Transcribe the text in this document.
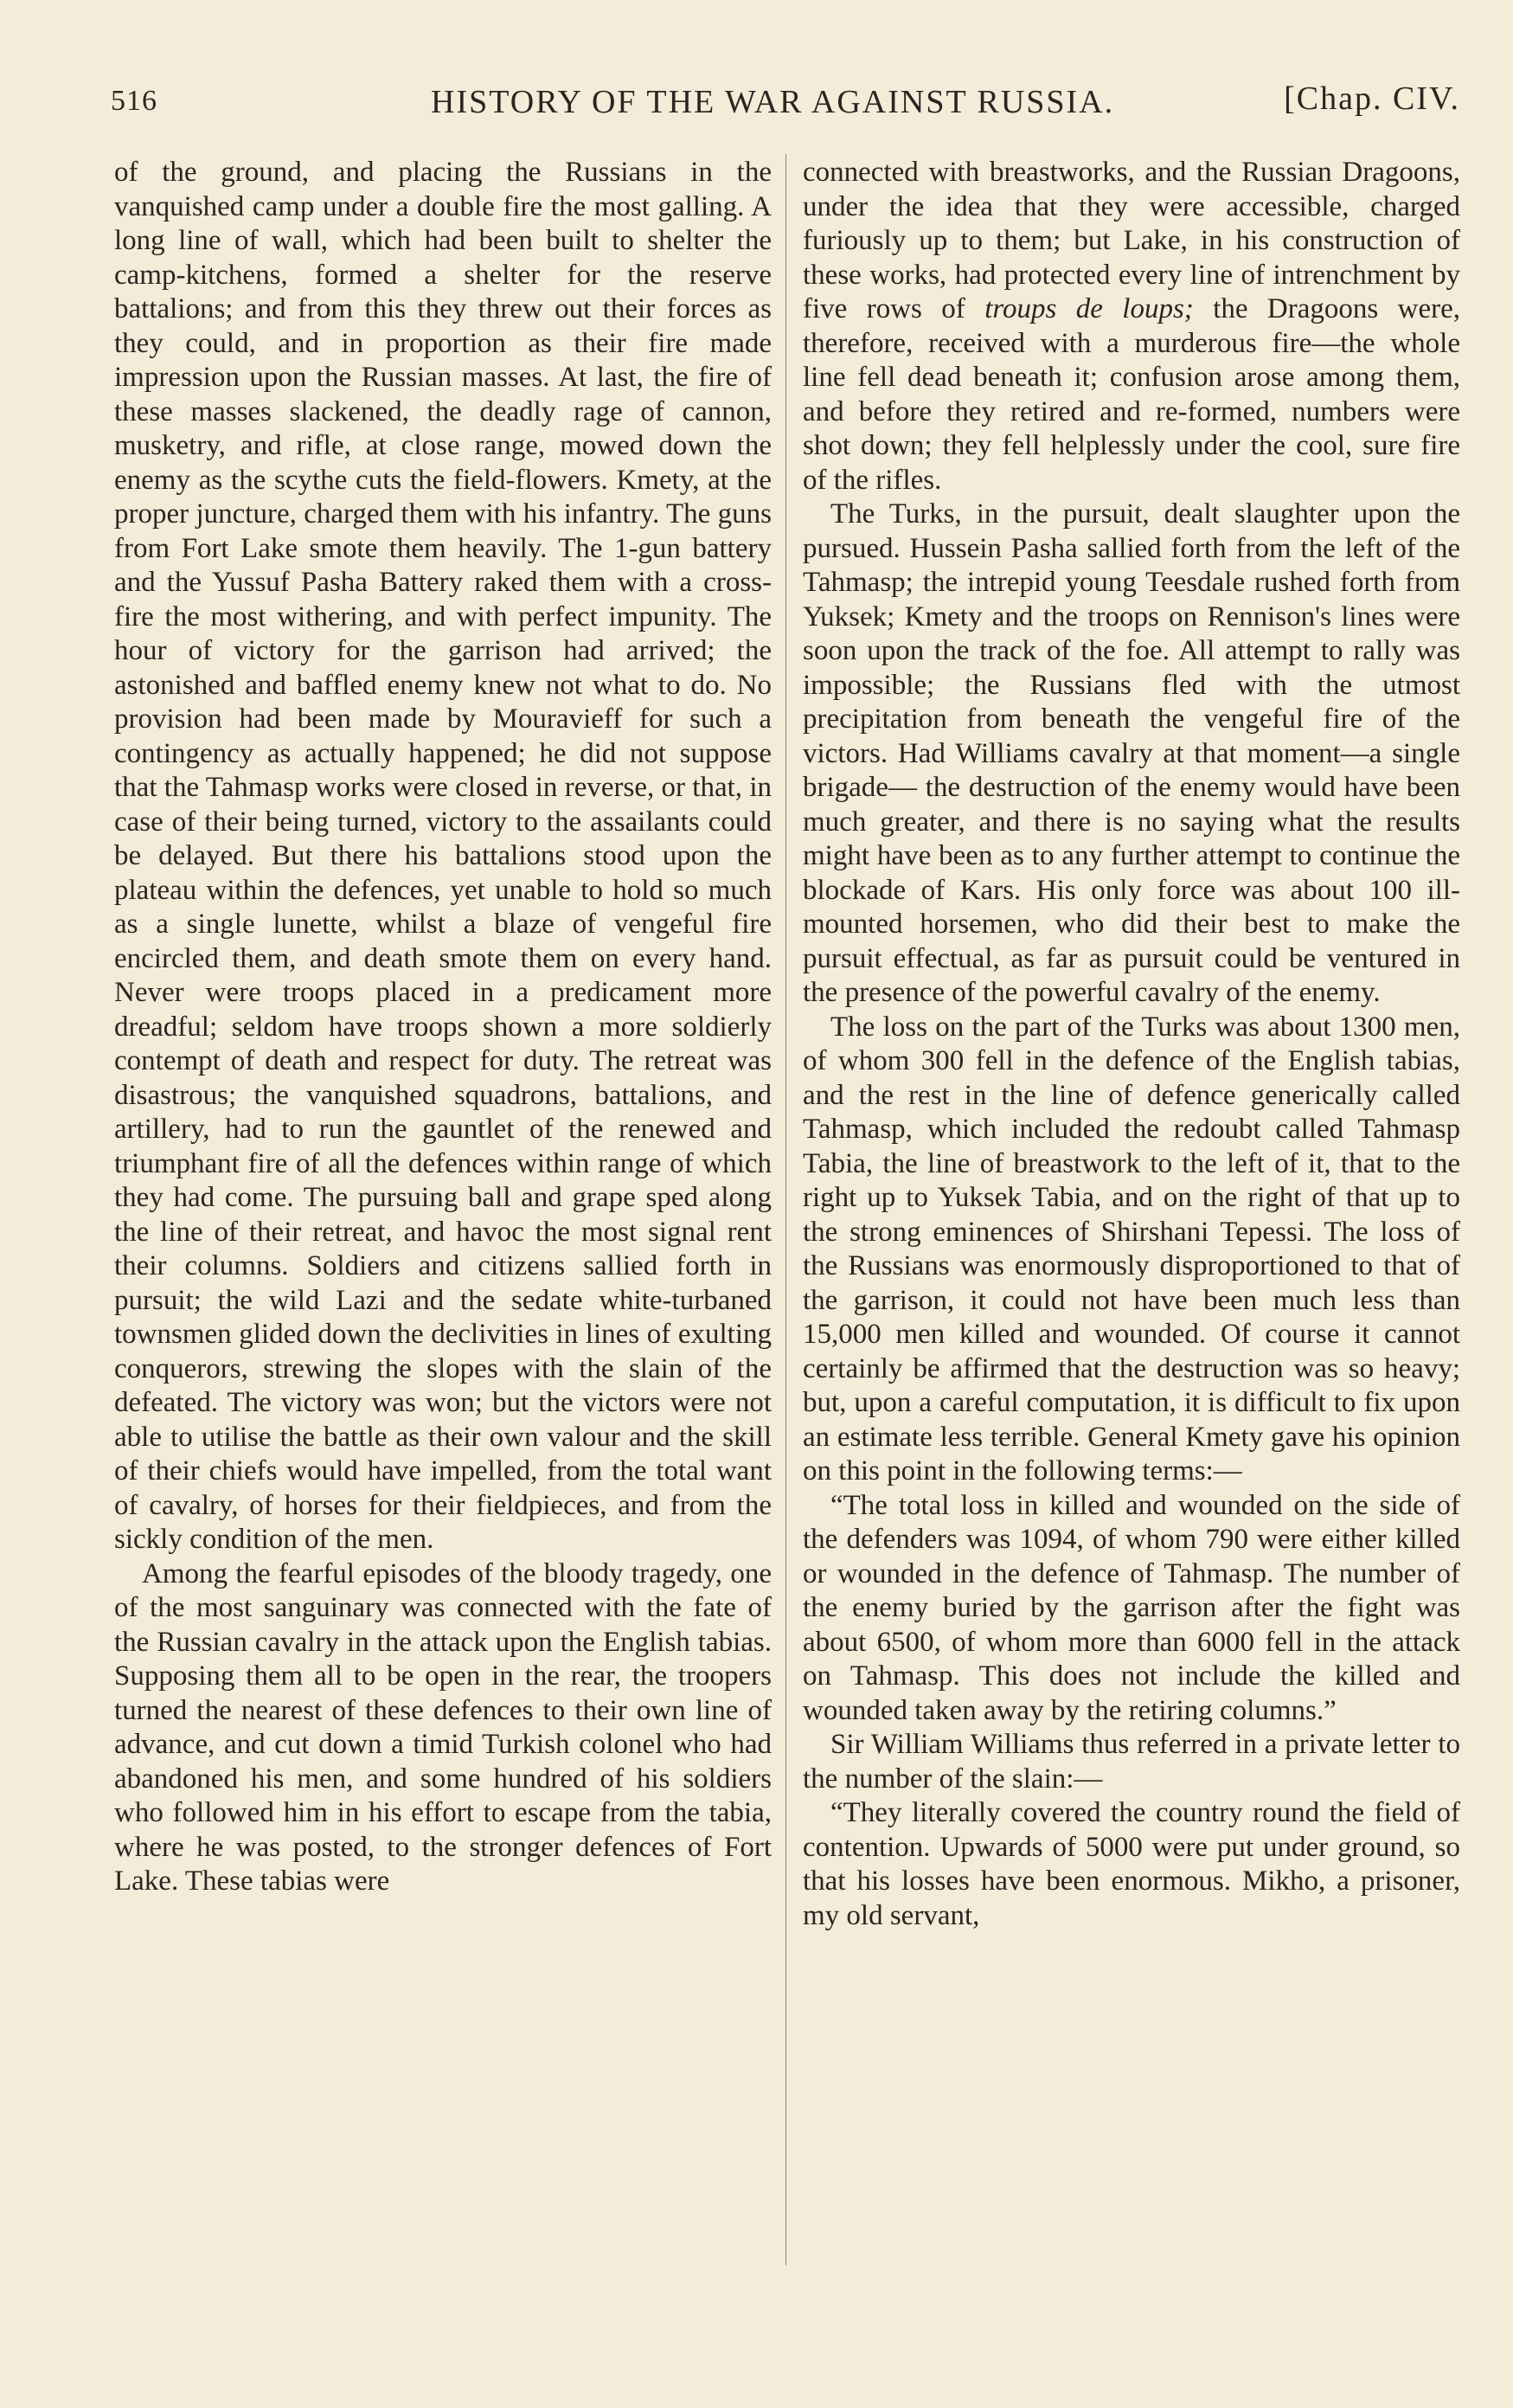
516	HISTORY OF THE WAR AGAINST RUSSIA.	[Chap. CIV.

of the ground, and placing the Russians in the vanquished camp under a double fire the most galling. A long line of wall, which had been built to shelter the camp-kitchens, formed a shelter for the reserve battalions; and from this they threw out their forces as they could, and in proportion as their fire made impression upon the Russian masses. At last, the fire of these masses slackened, the deadly rage of cannon, musketry, and rifle, at close range, mowed down the enemy as the scythe cuts the field-flowers. Kmety, at the proper juncture, charged them with his infantry. The guns from Fort Lake smote them heavily. The 1-gun battery and the Yussuf Pasha Battery raked them with a cross-fire the most withering, and with perfect impunity. The hour of victory for the garrison had arrived; the astonished and baffled enemy knew not what to do. No provision had been made by Mouravieff for such a contingency as actually happened; he did not suppose that the Tahmasp works were closed in reverse, or that, in case of their being turned, victory to the assailants could be delayed. But there his battalions stood upon the plateau within the defences, yet unable to hold so much as a single lunette, whilst a blaze of vengeful fire encircled them, and death smote them on every hand. Never were troops placed in a predicament more dreadful; seldom have troops shown a more soldierly contempt of death and respect for duty. The retreat was disastrous; the vanquished squadrons, battalions, and artillery, had to run the gauntlet of the renewed and triumphant fire of all the defences within range of which they had come. The pursuing ball and grape sped along the line of their retreat, and havoc the most signal rent their columns. Soldiers and citizens sallied forth in pursuit; the wild Lazi and the sedate white-turbaned townsmen glided down the declivities in lines of exulting conquerors, strewing the slopes with the slain of the defeated. The victory was won; but the victors were not able to utilise the battle as their own valour and the skill of their chiefs would have impelled, from the total want of cavalry, of horses for their fieldpieces, and from the sickly condition of the men.

Among the fearful episodes of the bloody tragedy, one of the most sanguinary was connected with the fate of the Russian cavalry in the attack upon the English tabias. Supposing them all to be open in the rear, the troopers turned the nearest of these defences to their own line of advance, and cut down a timid Turkish colonel who had abandoned his men, and some hundred of his soldiers who followed him in his effort to escape from the tabia, where he was posted, to the stronger defences of Fort Lake. These tabias were

connected with breastworks, and the Russian Dragoons, under the idea that they were accessible, charged furiously up to them; but Lake, in his construction of these works, had protected every line of intrenchment by five rows of troups de loups; the Dragoons were, therefore, received with a murderous fire—the whole line fell dead beneath it; confusion arose among them, and before they retired and re-formed, numbers were shot down; they fell helplessly under the cool, sure fire of the rifles.

The Turks, in the pursuit, dealt slaughter upon the pursued. Hussein Pasha sallied forth from the left of the Tahmasp; the intrepid young Teesdale rushed forth from Yuksek; Kmety and the troops on Rennison's lines were soon upon the track of the foe. All attempt to rally was impossible; the Russians fled with the utmost precipitation from beneath the vengeful fire of the victors. Had Williams cavalry at that moment—a single brigade— the destruction of the enemy would have been much greater, and there is no saying what the results might have been as to any further attempt to continue the blockade of Kars. His only force was about 100 ill-mounted horsemen, who did their best to make the pursuit effectual, as far as pursuit could be ventured in the presence of the powerful cavalry of the enemy.

The loss on the part of the Turks was about 1300 men, of whom 300 fell in the defence of the English tabias, and the rest in the line of defence generically called Tahmasp, which included the redoubt called Tahmasp Tabia, the line of breastwork to the left of it, that to the right up to Yuksek Tabia, and on the right of that up to the strong eminences of Shirshani Tepessi. The loss of the Russians was enormously disproportioned to that of the garrison, it could not have been much less than 15,000 men killed and wounded. Of course it cannot certainly be affirmed that the destruction was so heavy; but, upon a careful computation, it is difficult to fix upon an estimate less terrible. General Kmety gave his opinion on this point in the following terms:—

“The total loss in killed and wounded on the side of the defenders was 1094, of whom 790 were either killed or wounded in the defence of Tahmasp. The number of the enemy buried by the garrison after the fight was about 6500, of whom more than 6000 fell in the attack on Tahmasp. This does not include the killed and wounded taken away by the retiring columns.”

Sir William Williams thus referred in a private letter to the number of the slain:—

“They literally covered the country round the field of contention. Upwards of 5000 were put under ground, so that his losses have been enormous. Mikho, a prisoner, my old servant,
